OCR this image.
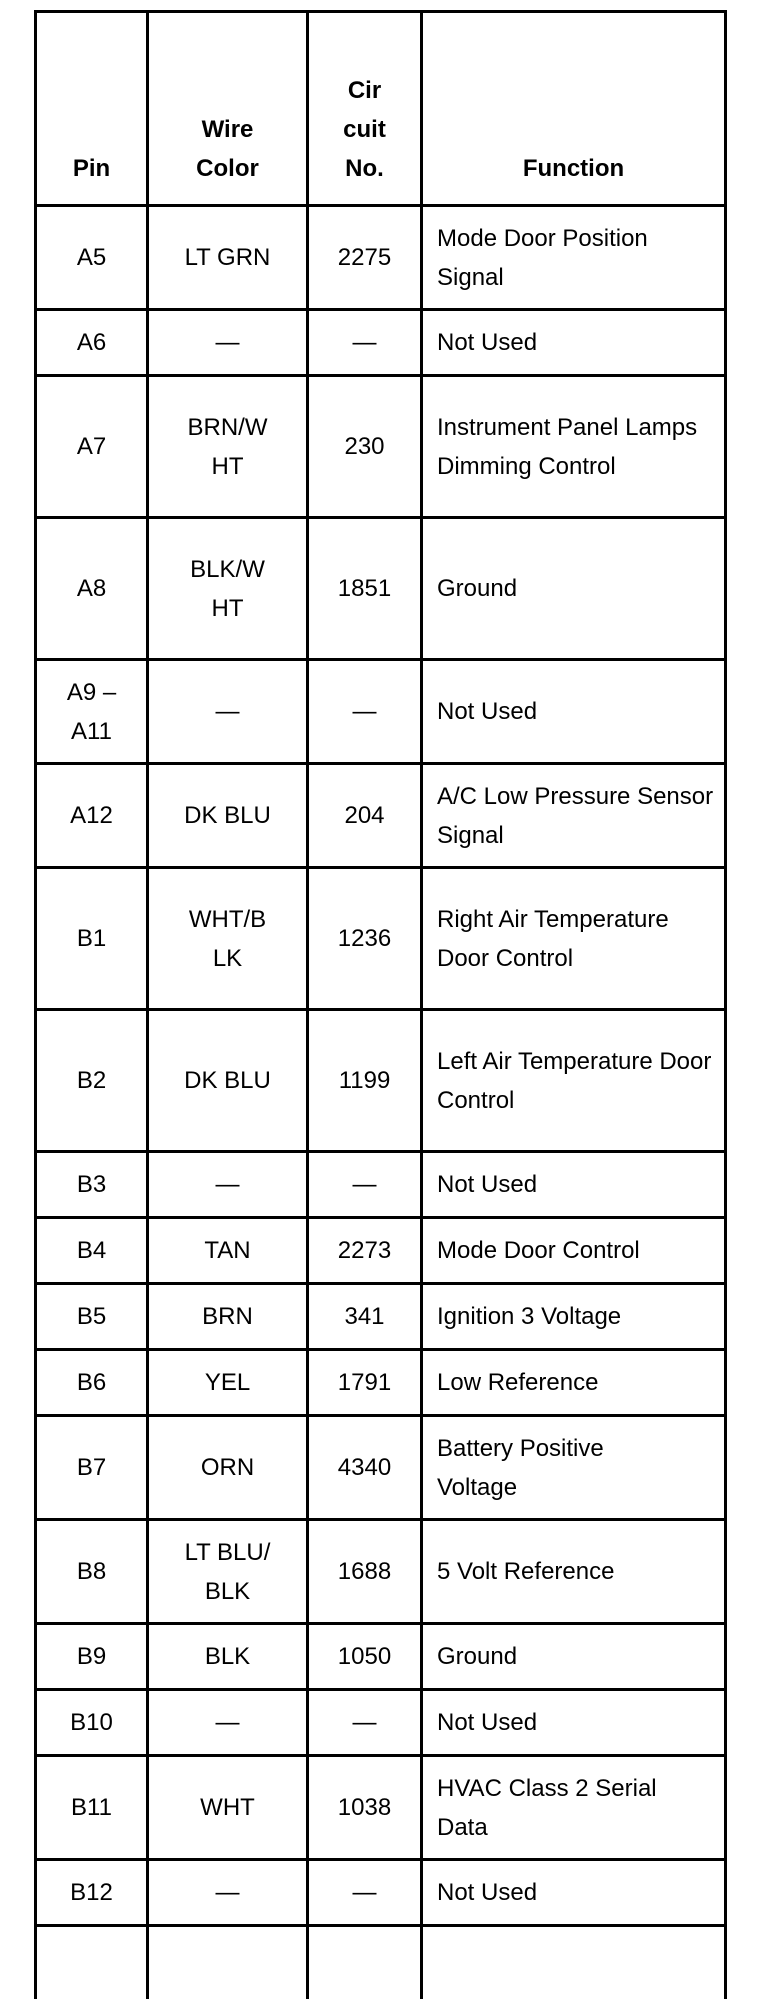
Pin	Wire Color	Cir cuit No.	Function
A5	LT GRN	2275	Mode Door Position Signal
A6	—	—	Not Used
A7	BRN/W HT	230	Instrument Panel Lamps Dimming Control
A8	BLK/W HT	1851	Ground
A9 – A11	—	—	Not Used
A12	DK BLU	204	A/C Low Pressure Sensor Signal
B1	WHT/B LK	1236	Right Air Temperature Door Control
B2	DK BLU	1199	Left Air Temperature Door Control
B3	—	—	Not Used
B4	TAN	2273	Mode Door Control
B5	BRN	341	Ignition 3 Voltage
B6	YEL	1791	Low Reference
B7	ORN	4340	Battery Positive Voltage
B8	LT BLU/ BLK	1688	5 Volt Reference
B9	BLK	1050	Ground
B10	—	—	Not Used
B11	WHT	1038	HVAC Class 2 Serial Data
B12	—	—	Not Used
